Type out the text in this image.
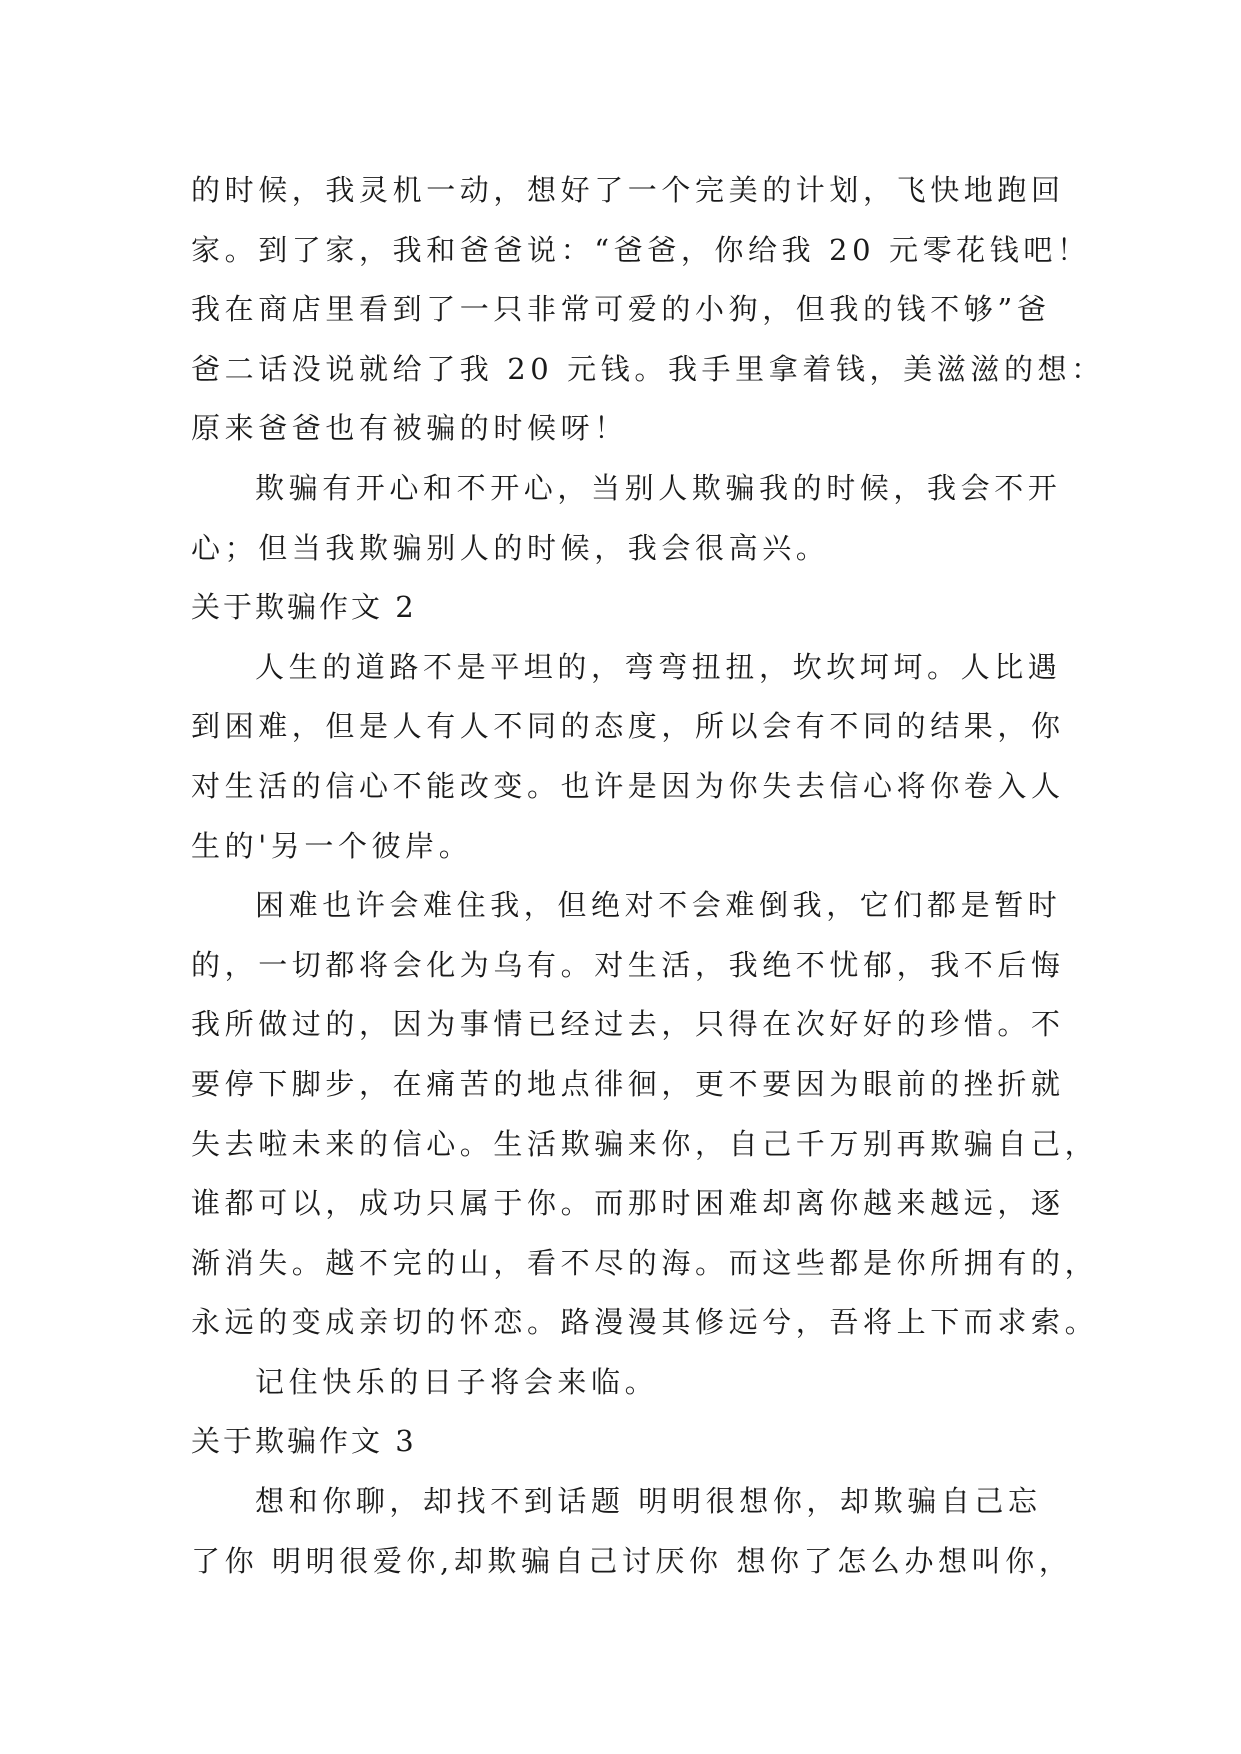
的时候，我灵机一动，想好了一个完美的计划，飞快地跑回
家。到了家，我和爸爸说：“爸爸，你给我 20 元零花钱吧！
我在商店里看到了一只非常可爱的小狗，但我的钱不够”爸
爸二话没说就给了我 20 元钱。我手里拿着钱，美滋滋的想：
原来爸爸也有被骗的时候呀！
欺骗有开心和不开心，当别人欺骗我的时候，我会不开
心；但当我欺骗别人的时候，我会很高兴。
关于欺骗作文 2
人生的道路不是平坦的，弯弯扭扭，坎坎坷坷。人比遇
到困难，但是人有人不同的态度，所以会有不同的结果，你
对生活的信心不能改变。也许是因为你失去信心将你卷入人
生的'另一个彼岸。
困难也许会难住我，但绝对不会难倒我，它们都是暂时
的，一切都将会化为乌有。对生活，我绝不忧郁，我不后悔
我所做过的，因为事情已经过去，只得在次好好的珍惜。不
要停下脚步，在痛苦的地点徘徊，更不要因为眼前的挫折就
失去啦未来的信心。生活欺骗来你，自己千万别再欺骗自己，
谁都可以，成功只属于你。而那时困难却离你越来越远，逐
渐消失。越不完的山，看不尽的海。而这些都是你所拥有的，
永远的变成亲切的怀恋。路漫漫其修远兮，吾将上下而求索。
记住快乐的日子将会来临。
关于欺骗作文 3
想和你聊，却找不到话题 明明很想你，却欺骗自己忘
了你 明明很爱你,却欺骗自己讨厌你 想你了怎么办想叫你，
